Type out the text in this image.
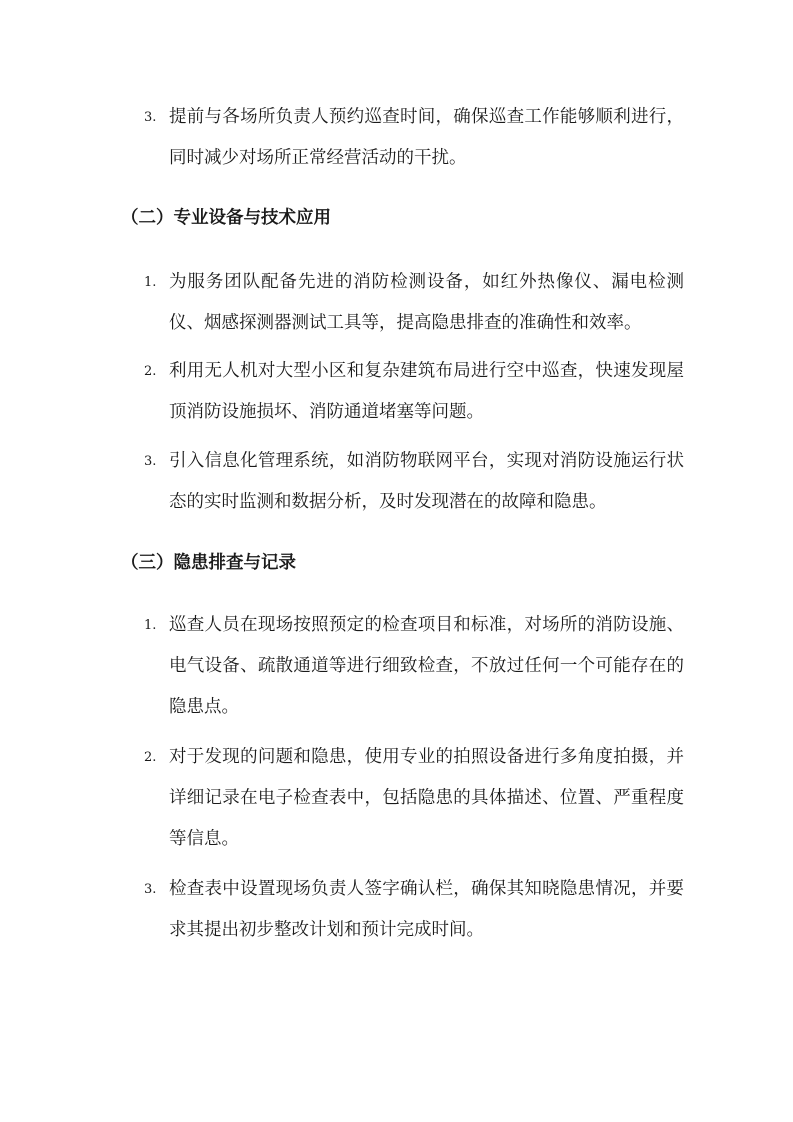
3. 提前与各场所负责人预约巡查时间，确保巡查工作能够顺利进行，同时减少对场所正常经营活动的干扰。
（二）专业设备与技术应用
1. 为服务团队配备先进的消防检测设备，如红外热像仪、漏电检测仪、烟感探测器测试工具等，提高隐患排查的准确性和效率。
2. 利用无人机对大型小区和复杂建筑布局进行空中巡查，快速发现屋顶消防设施损坏、消防通道堵塞等问题。
3. 引入信息化管理系统，如消防物联网平台，实现对消防设施运行状态的实时监测和数据分析，及时发现潜在的故障和隐患。
（三）隐患排查与记录
1. 巡查人员在现场按照预定的检查项目和标准，对场所的消防设施、电气设备、疏散通道等进行细致检查，不放过任何一个可能存在的隐患点。
2. 对于发现的问题和隐患，使用专业的拍照设备进行多角度拍摄，并详细记录在电子检查表中，包括隐患的具体描述、位置、严重程度等信息。
3. 检查表中设置现场负责人签字确认栏，确保其知晓隐患情况，并要求其提出初步整改计划和预计完成时间。
